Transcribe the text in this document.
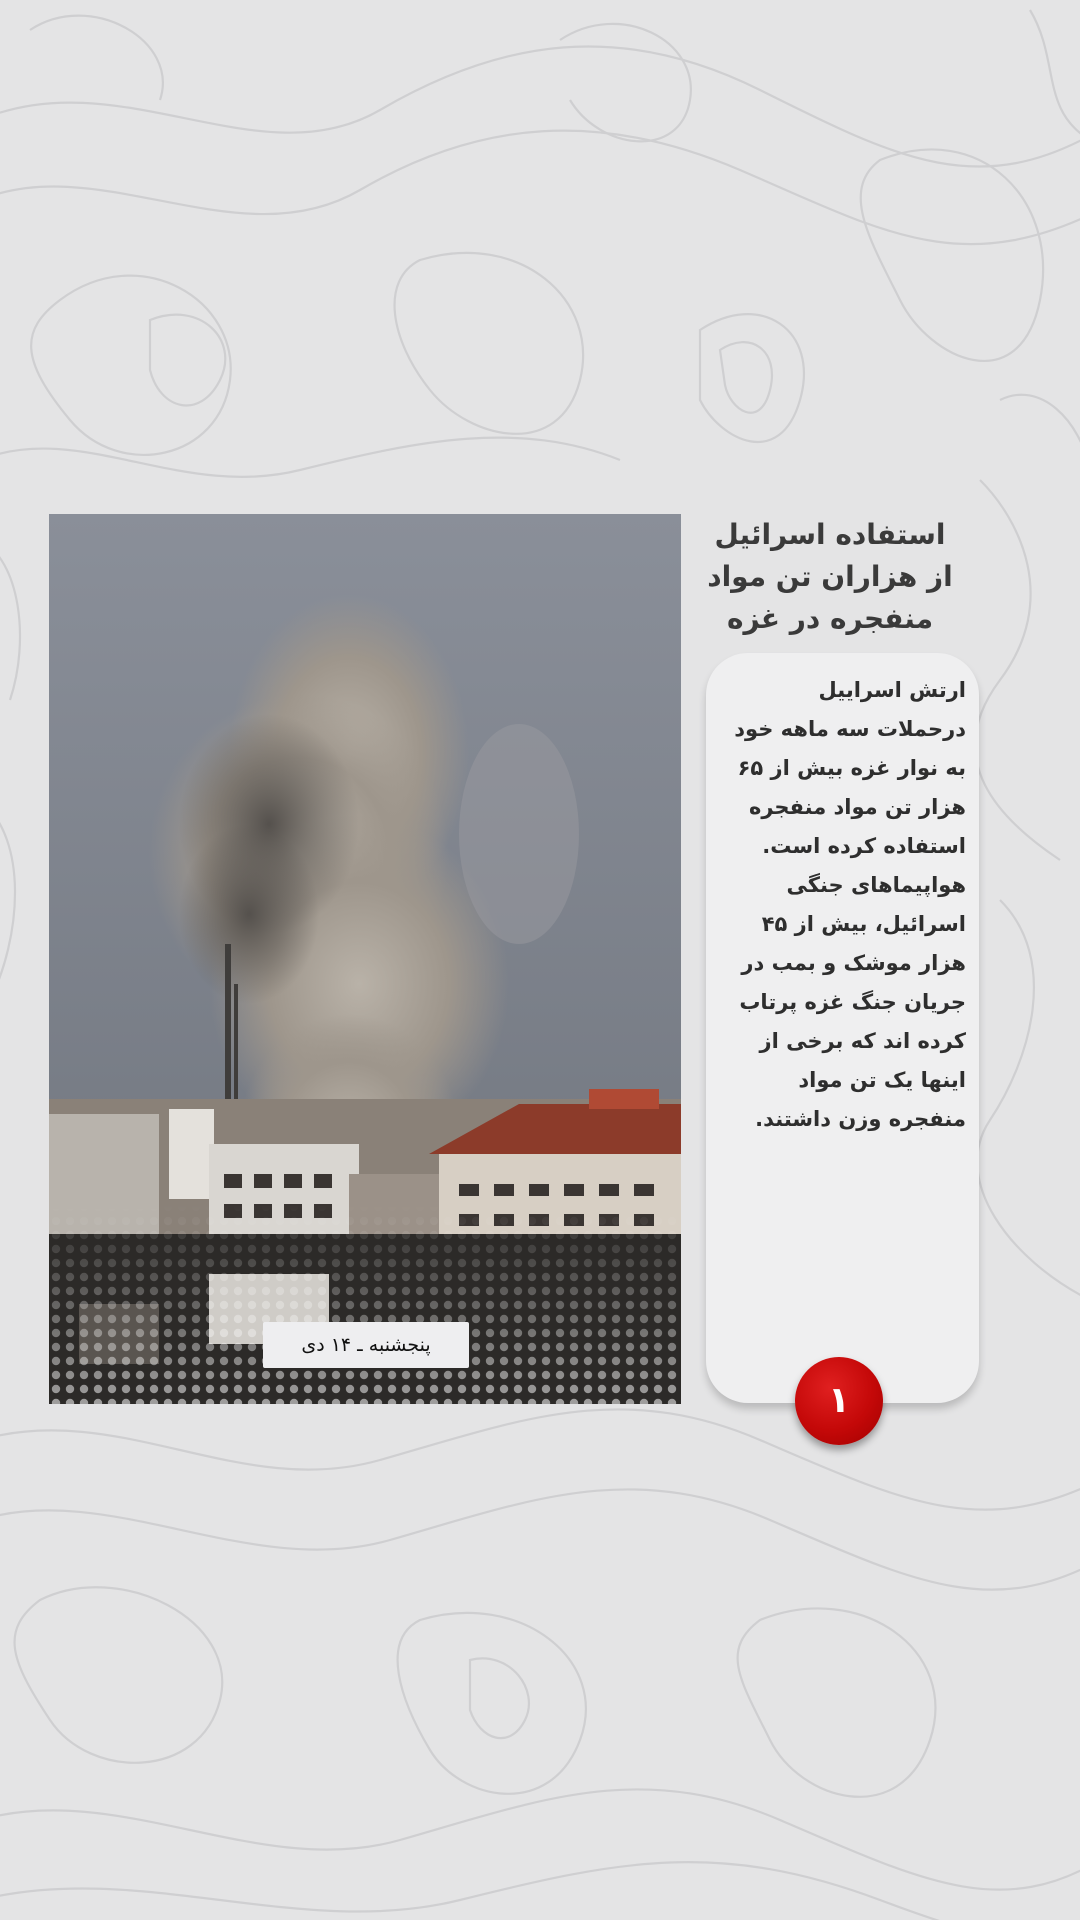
پنجشنبه ـ ۱۴ دی
استفاده اسرائیل از هزاران تن مواد منفجره در غزه
ارتش اسراییل درحملات سه ماهه خود به نوار غزه بیش از ۶۵ هزار تن مواد منفجره استفاده کرده است. هواپیماهای جنگی اسرائیل، بیش از ۴۵ هزار موشک و بمب در جریان جنگ غزه پرتاب کرده اند که برخی از اینها یک تن مواد منفجره وزن داشتند.
۱
